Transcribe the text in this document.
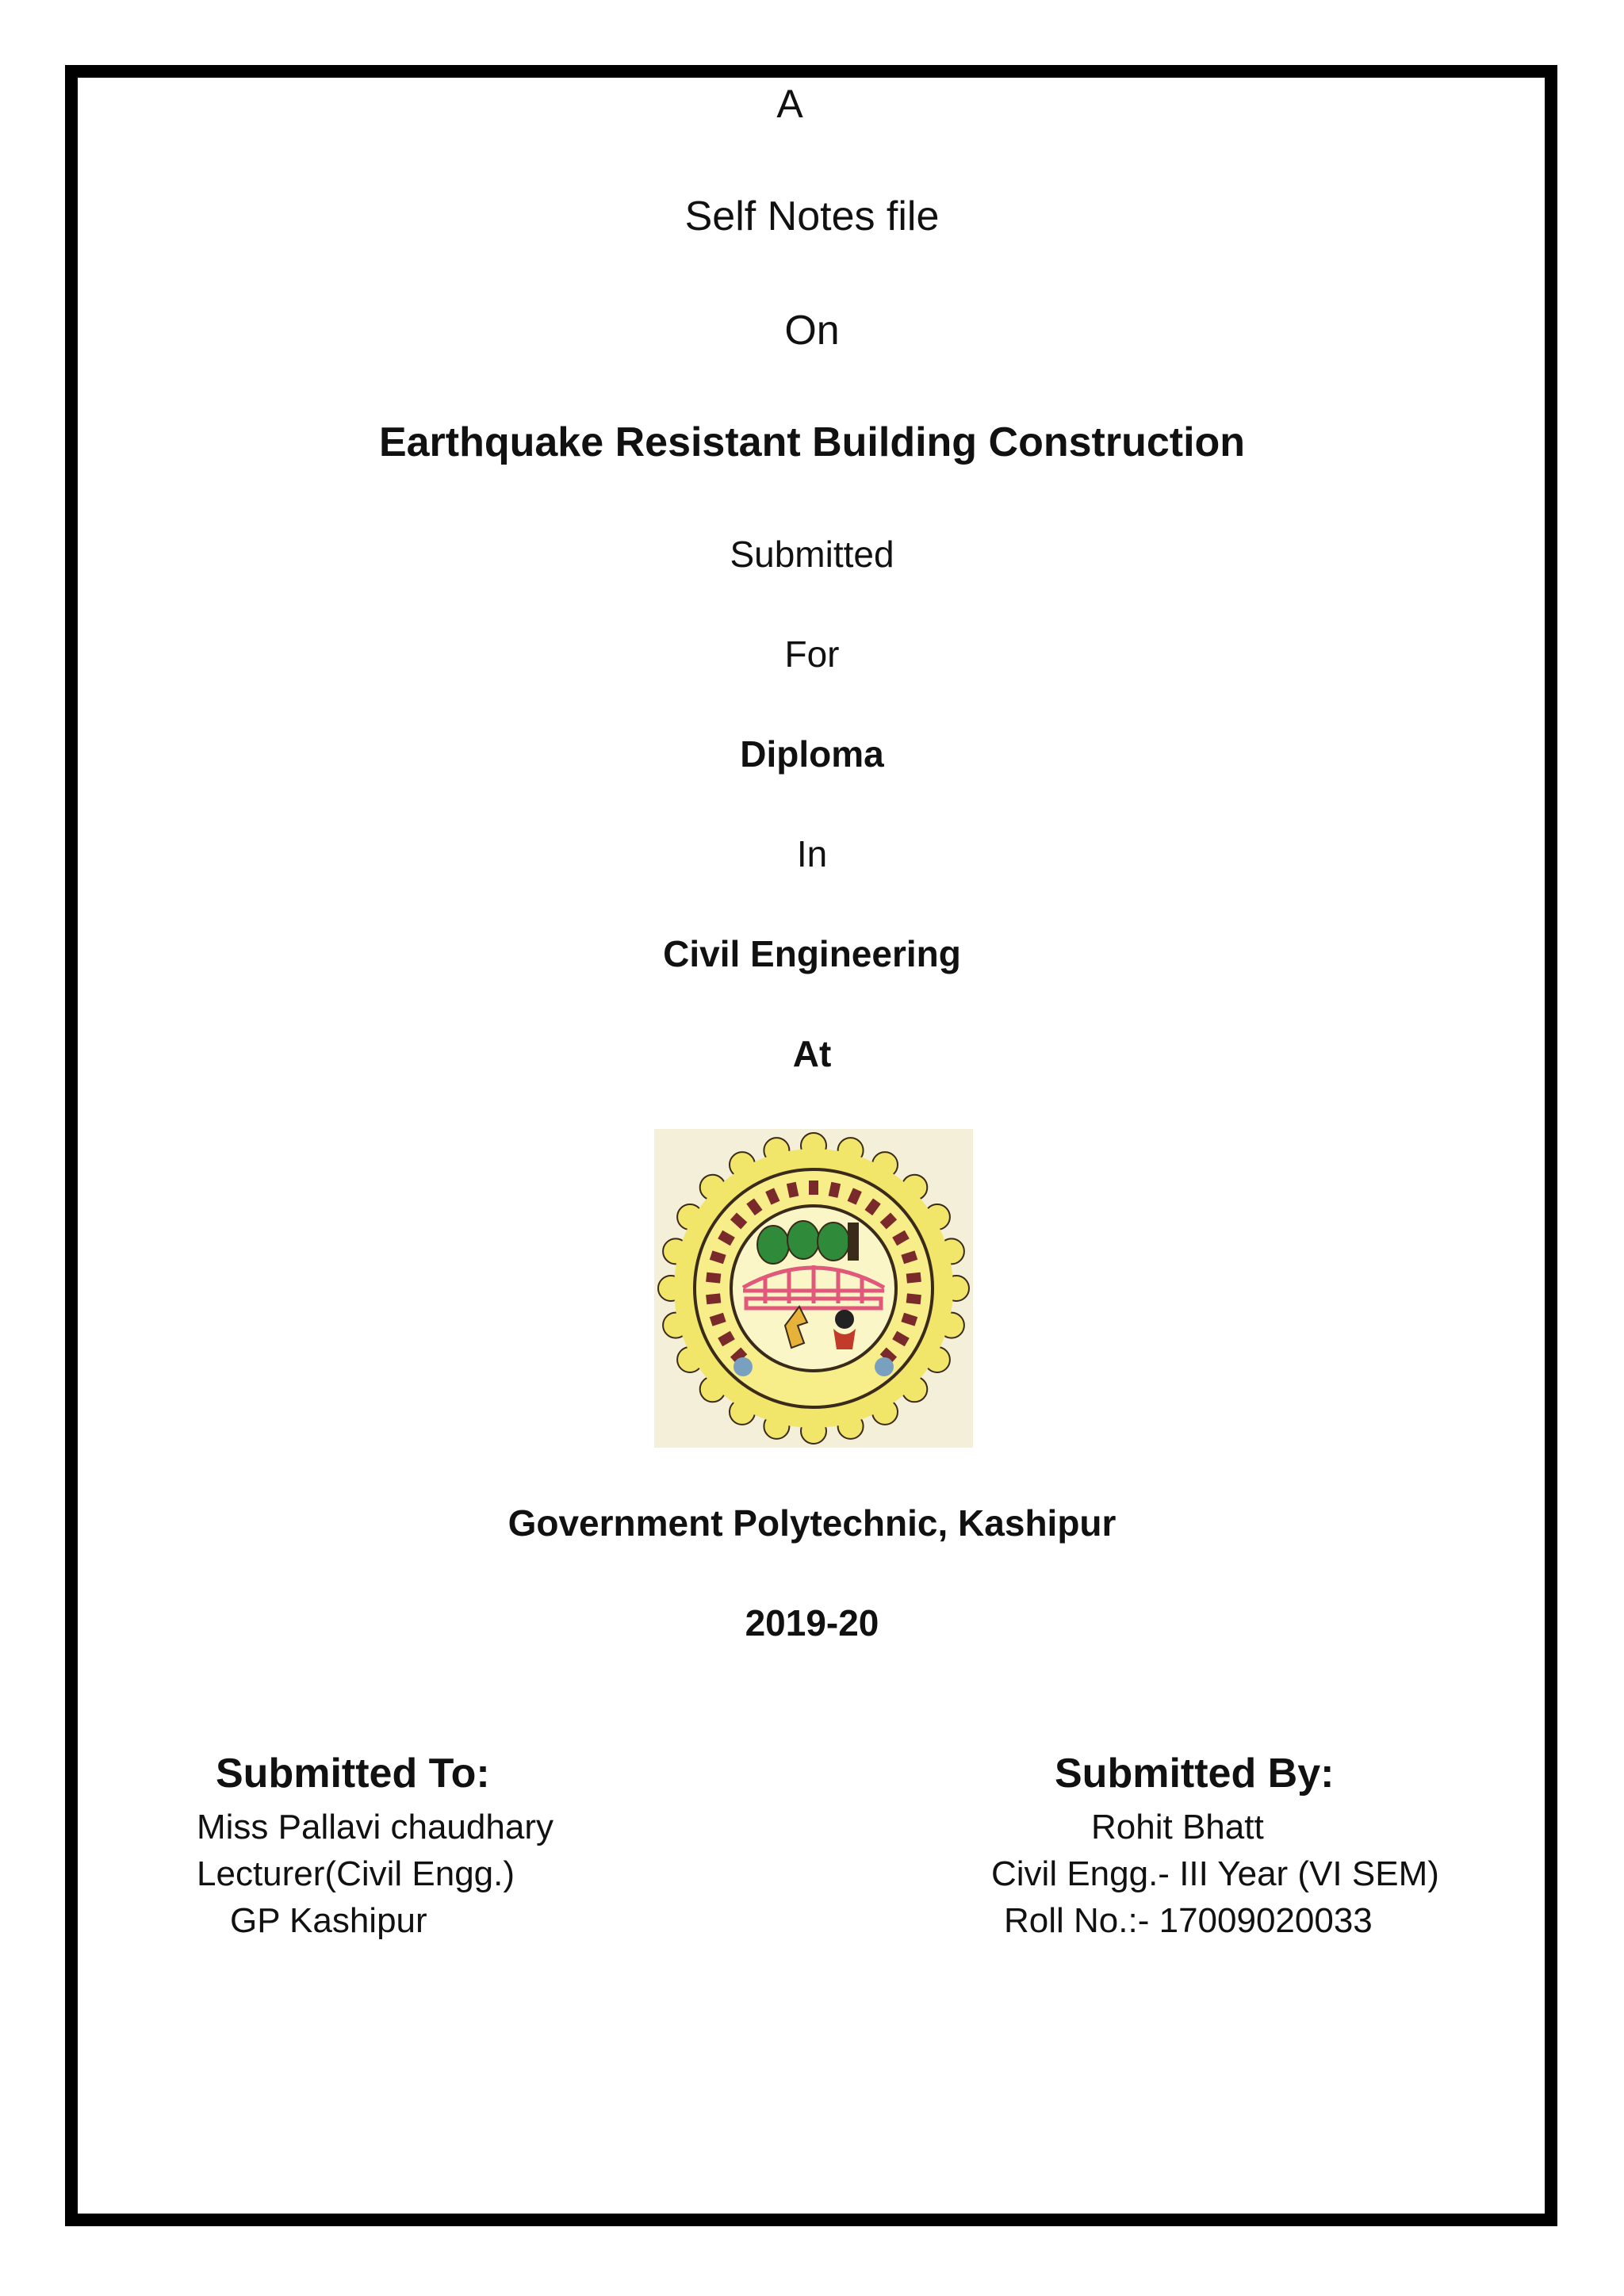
A
Self Notes file
On
Earthquake Resistant Building Construction
Submitted
For
Diploma
In
Civil Engineering
At
Government Polytechnic, Kashipur
2019-20
Submitted To:
Miss Pallavi chaudhary
Lecturer(Civil Engg.)
GP Kashipur
Submitted By:
Rohit Bhatt
Civil Engg.- III Year (VI SEM)
Roll No.:- 17009020033
